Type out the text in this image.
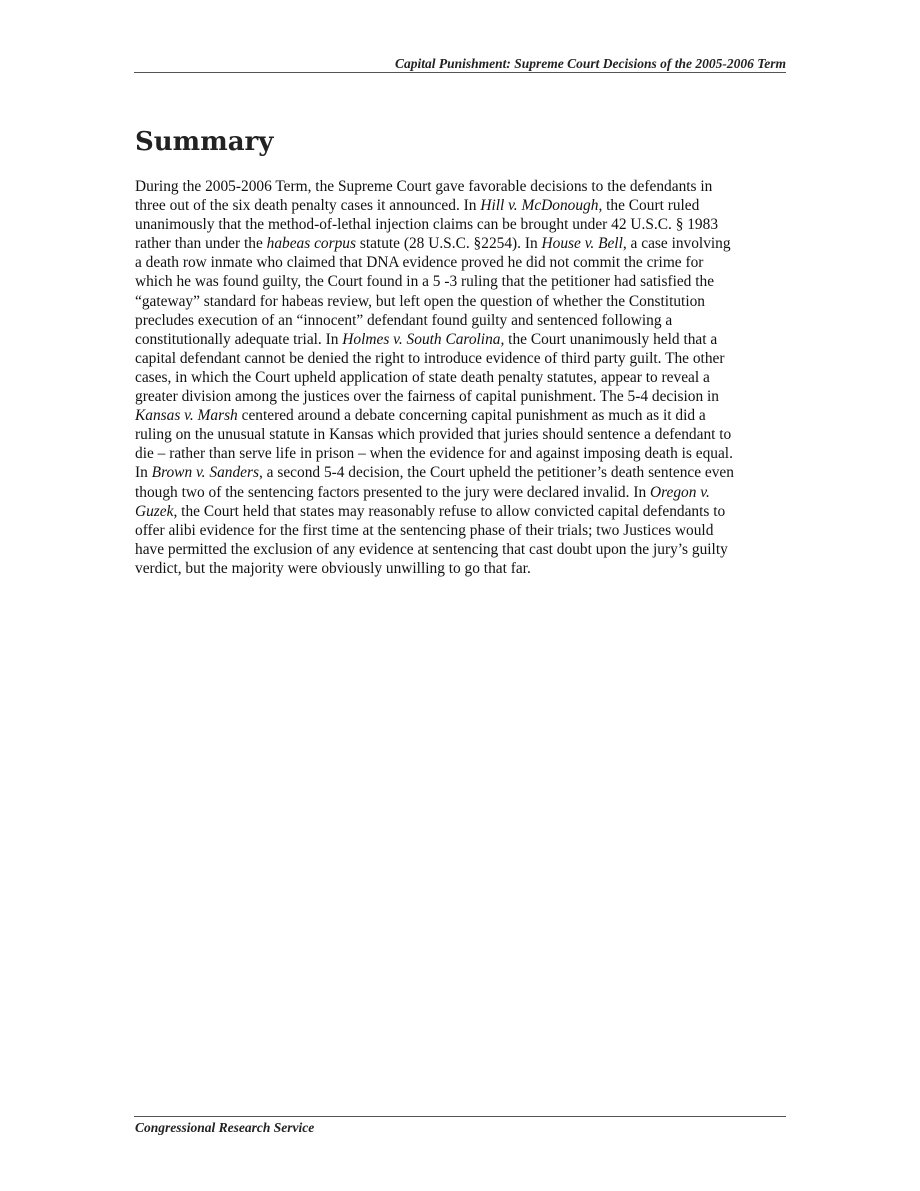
Capital Punishment: Supreme Court Decisions of the 2005-2006 Term
Summary
During the 2005-2006 Term, the Supreme Court gave favorable decisions to the defendants in
three out of the six death penalty cases it announced. In Hill v. McDonough, the Court ruled
unanimously that the method-of-lethal injection claims can be brought under 42 U.S.C. § 1983
rather than under the habeas corpus statute (28 U.S.C. §2254). In House v. Bell, a case involving
a death row inmate who claimed that DNA evidence proved he did not commit the crime for
which he was found guilty, the Court found in a 5 -3 ruling that the petitioner had satisfied the
“gateway” standard for habeas review, but left open the question of whether the Constitution
precludes execution of an “innocent” defendant found guilty and sentenced following a
constitutionally adequate trial. In Holmes v. South Carolina, the Court unanimously held that a
capital defendant cannot be denied the right to introduce evidence of third party guilt. The other
cases, in which the Court upheld application of state death penalty statutes, appear to reveal a
greater division among the justices over the fairness of capital punishment. The 5-4 decision in
Kansas v. Marsh centered around a debate concerning capital punishment as much as it did a
ruling on the unusual statute in Kansas which provided that juries should sentence a defendant to
die – rather than serve life in prison – when the evidence for and against imposing death is equal.
In Brown v. Sanders, a second 5-4 decision, the Court upheld the petitioner’s death sentence even
though two of the sentencing factors presented to the jury were declared invalid. In Oregon v.
Guzek, the Court held that states may reasonably refuse to allow convicted capital defendants to
offer alibi evidence for the first time at the sentencing phase of their trials; two Justices would
have permitted the exclusion of any evidence at sentencing that cast doubt upon the jury’s guilty
verdict, but the majority were obviously unwilling to go that far.
Congressional Research Service
